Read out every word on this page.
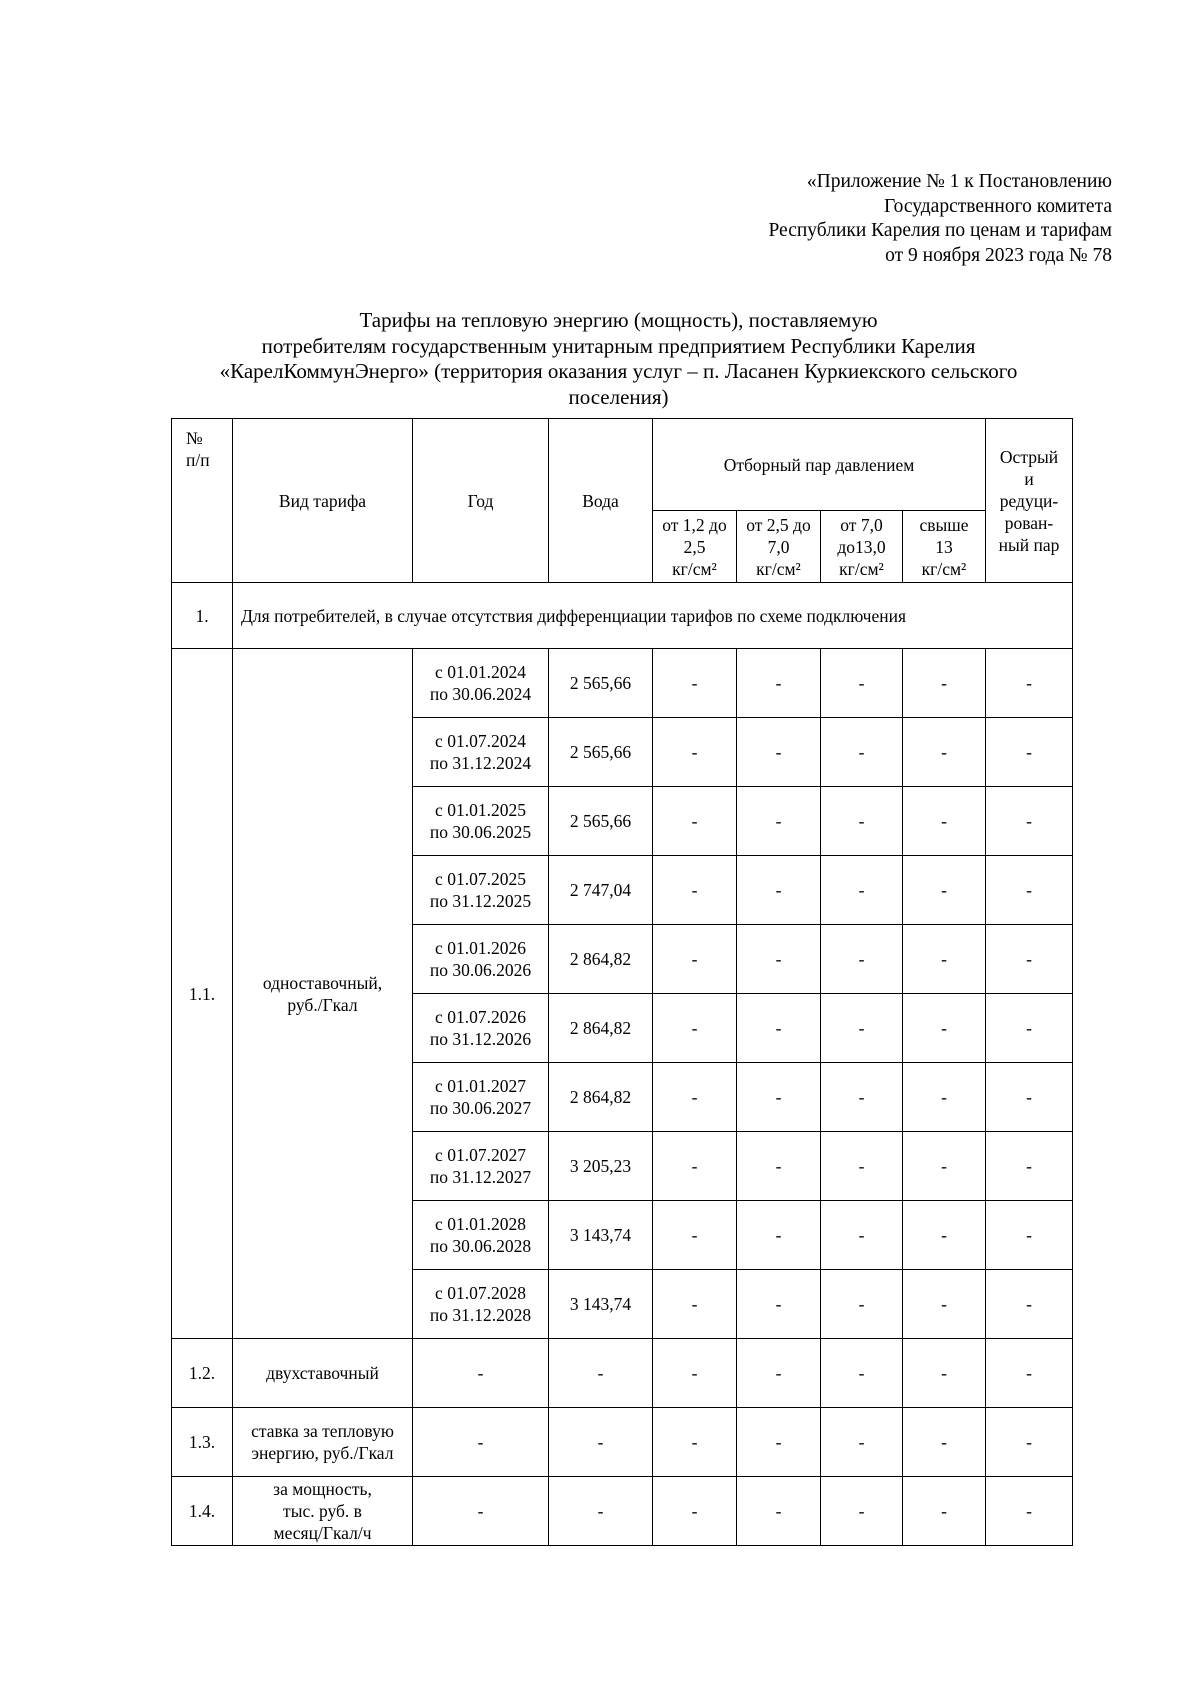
«Приложение № 1 к Постановлению
Государственного комитета
Республики Карелия по ценам и тарифам
от 9 ноября 2023 года № 78
Тарифы на тепловую энергию (мощность), поставляемую
потребителям государственным унитарным предприятием Республики Карелия
«КарелКоммунЭнерго» (территория оказания услуг – п. Ласанен Куркиекского сельского
поселения)
№
п/п	Вид тарифа	Год	Вода	Отборный пар давлением				Острый
и
редуци-
рован-
ный пар

				от 1,2 до
2,5
кг/см²	от 2,5 до
7,0
кг/см²	от 7,0
до13,0
кг/см²	свыше
13
кг/см²	

1.	Для потребителей, в случае отсутствия дифференциации тарифов по схеме подключения							
1.1.	одноставочный,
руб./Гкал	с 01.01.2024
по 30.06.2024	2 565,66	-	-	-	-	-

		с 01.07.2024
по 31.12.2024	2 565,66	-	-	-	-	-

		с 01.01.2025
по 30.06.2025	2 565,66	-	-	-	-	-

		с 01.07.2025
по 31.12.2025	2 747,04	-	-	-	-	-

		с 01.01.2026
по 30.06.2026	2 864,82	-	-	-	-	-

		с 01.07.2026
по 31.12.2026	2 864,82	-	-	-	-	-

		с 01.01.2027
по 30.06.2027	2 864,82	-	-	-	-	-

		с 01.07.2027
по 31.12.2027	3 205,23	-	-	-	-	-

		с 01.01.2028
по 30.06.2028	3 143,74	-	-	-	-	-

		с 01.07.2028
по 31.12.2028	3 143,74	-	-	-	-	-
1.2.	двухставочный	-	-	-	-	-	-	-
1.3.	ставка за тепловую
энергию, руб./Гкал	-	-	-	-	-	-	-
1.4.	за мощность,
тыс. руб. в
месяц/Гкал/ч	-	-	-	-	-	-	-
